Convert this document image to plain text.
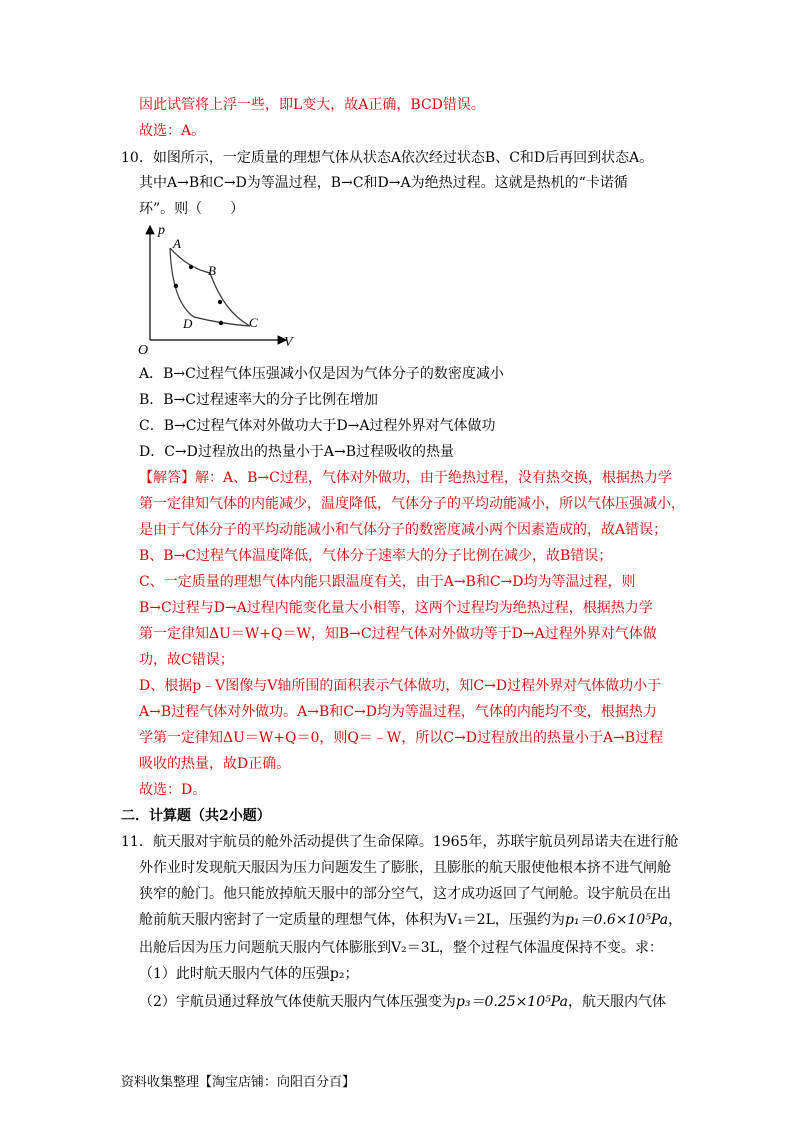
因此试管将上浮一些，即L变大，故A正确，BCD错误。
故选：A。
10．如图所示，一定质量的理想气体从状态A依次经过状态B、C和D后再回到状态A。
其中A→B和C→D为等温过程，B→C和D→A为绝热过程。这就是热机的“卡诺循
环”。则（　　）
p
V
O
A
B
C
D
A．B→C过程气体压强减小仅是因为气体分子的数密度减小
B．B→C过程速率大的分子比例在增加
C．B→C过程气体对外做功大于D→A过程外界对气体做功
D．C→D过程放出的热量小于A→B过程吸收的热量
【解答】解：A、B→C过程，气体对外做功，由于绝热过程，没有热交换，根据热力学
第一定律知气体的内能减少，温度降低，气体分子的平均动能减小，所以气体压强减小，
是由于气体分子的平均动能减小和气体分子的数密度减小两个因素造成的，故A错误；
B、B→C过程气体温度降低，气体分子速率大的分子比例在减少，故B错误；
C、一定质量的理想气体内能只跟温度有关，由于A→B和C→D均为等温过程，则
B→C过程与D→A过程内能变化量大小相等，这两个过程均为绝热过程，根据热力学
第一定律知ΔU＝W+Q＝W，知B→C过程气体对外做功等于D→A过程外界对气体做
功，故C错误；
D、根据p﹣V图像与V轴所围的面积表示气体做功，知C→D过程外界对气体做功小于
A→B过程气体对外做功。A→B和C→D均为等温过程，气体的内能均不变，根据热力
学第一定律知ΔU＝W+Q＝0，则Q＝﹣W，所以C→D过程放出的热量小于A→B过程
吸收的热量，故D正确。
故选：D。
二．计算题（共2小题）
11．航天服对宇航员的舱外活动提供了生命保障。1965年，苏联宇航员列昂诺夫在进行舱
外作业时发现航天服因为压力问题发生了膨胀，且膨胀的航天服使他根本挤不进气闸舱
狭窄的舱门。他只能放掉航天服中的部分空气，这才成功返回了气闸舱。设宇航员在出
舱前航天服内密封了一定质量的理想气体，体积为V₁＝2L，压强约为p₁＝0.6×10⁵Pa，
出舱后因为压力问题航天服内气体膨胀到V₂＝3L，整个过程气体温度保持不变。求：
（1）此时航天服内气体的压强p₂；
（2）宇航员通过释放气体使航天服内气体压强变为p₃＝0.25×10⁵Pa，航天服内气体
资料收集整理【淘宝店铺：向阳百分百】
